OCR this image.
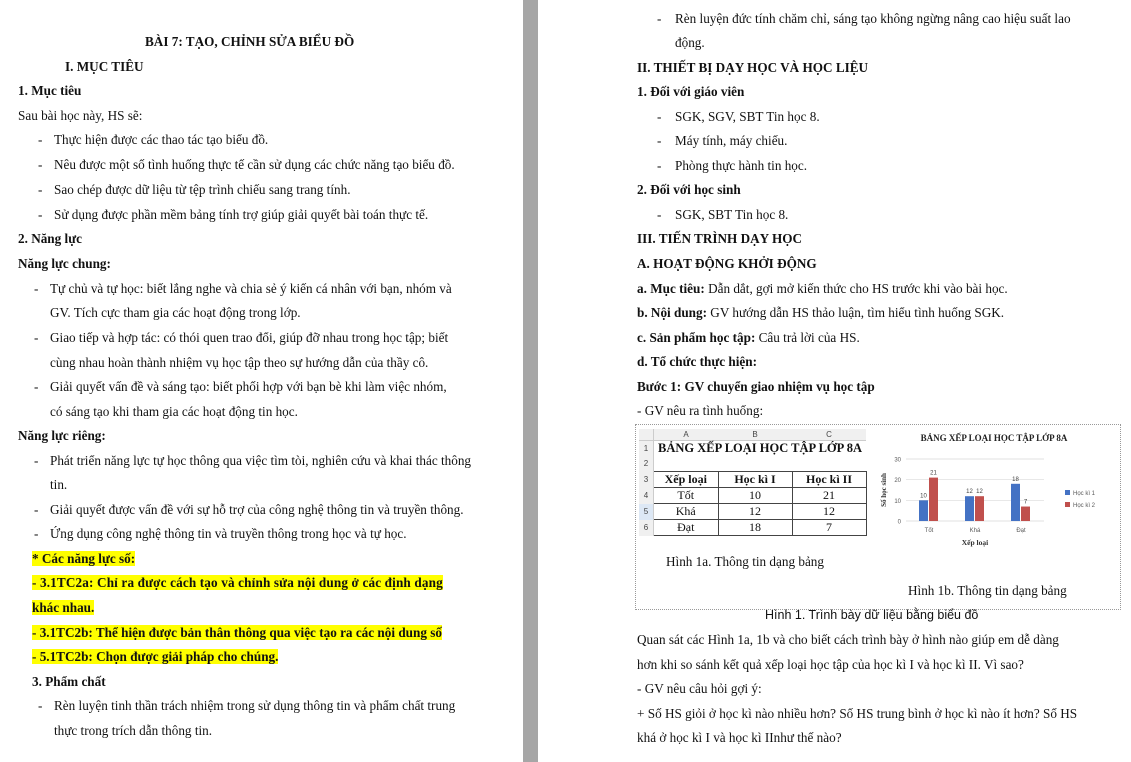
BÀI 7: TẠO, CHỈNH SỬA BIỂU ĐỒ
I. MỤC TIÊU
1. Mục tiêu
Sau bài học này, HS sẽ:
- Thực hiện được các thao tác tạo biểu đồ.
- Nêu được một số tình huống thực tế cần sử dụng các chức năng tạo biểu đồ.
- Sao chép được dữ liệu từ tệp trình chiếu sang trang tính.
- Sử dụng được phần mềm bảng tính trợ giúp giải quyết bài toán thực tế.
2. Năng lực
Năng lực chung:
- Tự chủ và tự học: biết lắng nghe và chia sẻ ý kiến cá nhân với bạn, nhóm và
GV. Tích cực tham gia các hoạt động trong lớp.
- Giao tiếp và hợp tác: có thói quen trao đổi, giúp đỡ nhau trong học tập; biết
cùng nhau hoàn thành nhiệm vụ học tập theo sự hướng dẫn của thầy cô.
- Giải quyết vấn đề và sáng tạo: biết phối hợp với bạn bè khi làm việc nhóm,
có sáng tạo khi tham gia các hoạt động tin học.
Năng lực riêng:
- Phát triển năng lực tự học thông qua việc tìm tòi, nghiên cứu và khai thác thông
tin.
- Giải quyết được vấn đề với sự hỗ trợ của công nghệ thông tin và truyền thông.
- Ứng dụng công nghệ thông tin và truyền thông trong học và tự học.
* Các năng lực số:
- 3.1TC2a: Chỉ ra được cách tạo và chỉnh sửa nội dung ở các định dạng
khác nhau.
- 3.1TC2b: Thể hiện được bản thân thông qua việc tạo ra các nội dung số
- 5.1TC2b: Chọn được giải pháp cho chúng.
3. Phẩm chất
- Rèn luyện tinh thần trách nhiệm trong sử dụng thông tin và phẩm chất trung
thực trong trích dẫn thông tin.
- Rèn luyện đức tính chăm chỉ, sáng tạo không ngừng nâng cao hiệu suất lao
động.
II. THIẾT BỊ DẠY HỌC VÀ HỌC LIỆU
1. Đối với giáo viên
- SGK, SGV, SBT Tin học 8.
- Máy tính, máy chiếu.
- Phòng thực hành tin học.
2. Đối với học sinh
- SGK, SBT Tin học 8.
III. TIẾN TRÌNH DẠY HỌC
A. HOẠT ĐỘNG KHỞI ĐỘNG
a. Mục tiêu: Dẫn dắt, gợi mở kiến thức cho HS trước khi vào bài học.
b. Nội dung: GV hướng dẫn HS thảo luận, tìm hiểu tình huống SGK.
c. Sản phẩm học tập: Câu trả lời của HS.
d. Tổ chức thực hiện:
Bước 1: GV chuyển giao nhiệm vụ học tập
- GV nêu ra tình huống:
	A	B	C
1	BẢNG XẾP LOẠI HỌC TẬP LỚP 8A		
2			
3	Xếp loại	Học kì I	Học kì II
4	Tốt	10	21
5	Khá	12	12
6	Đạt	18	7
Hình 1a. Thông tin dạng bảng
BẢNG XẾP LOẠI HỌC TẬP LỚP 8A
0
10
20
30
Số học sinh	10
21
Tốt
12 12
Khá
18
7
Đạt
Xếp loại
Học kì 1
Học kì 2
Hình 1b. Thông tin dạng bảng
Hình 1. Trình bày dữ liệu bằng biểu đồ
Quan sát các Hình 1a, 1b và cho biết cách trình bày ở hình nào giúp em dễ dàng
hơn khi so sánh kết quả xếp loại học tập của học kì I và học kì II. Vì sao?
- GV nêu câu hỏi gợi ý:
+ Số HS giỏi ở học kì nào nhiều hơn? Số HS trung bình ở học kì nào ít hơn? Số HS
khá ở học kì I và học kì IInhư thế nào?
